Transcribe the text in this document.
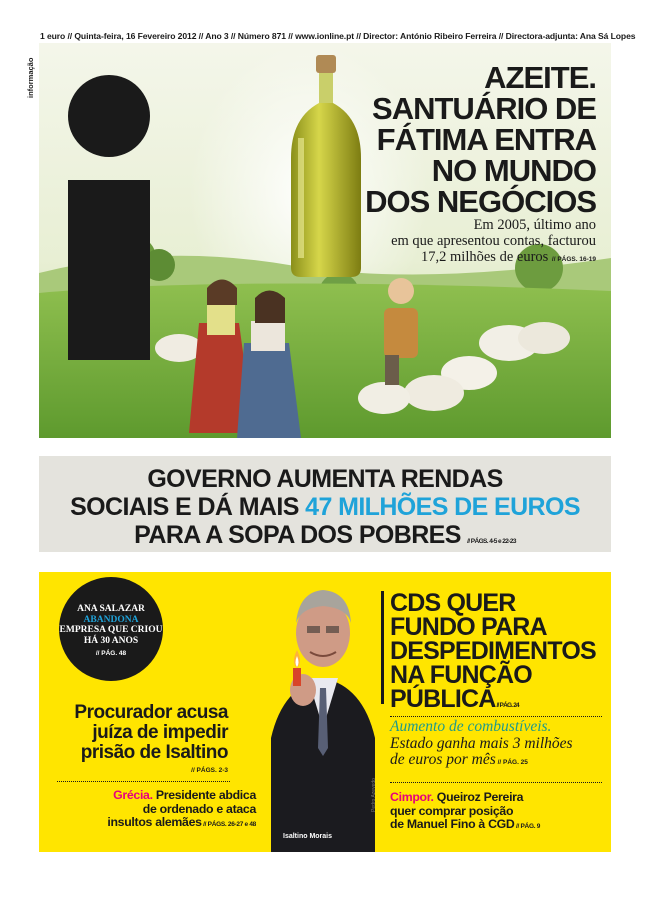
1 euro // Quinta-feira, 16 Fevereiro 2012 // Ano 3 // Número 871 // www.ionline.pt // Director: António Ribeiro Ferreira // Directora-adjunta: Ana Sá Lopes
informação	AZEITE.
SANTUÁRIO DE
FÁTIMA ENTRA
NO MUNDO
DOS NEGÓCIOS
Em 2005, último ano
em que apresentou contas, facturou
17,2 milhões de euros // PÁGS. 16-19
GOVERNO AUMENTA RENDAS
SOCIAIS E DÁ MAIS 47 MILHÕES DE EUROS
PARA A SOPA DOS POBRES // PÁGS. 4-5 e 22-23
ANA SALAZAR
ABANDONA
EMPRESA QUE CRIOU
HÁ 30 ANOS
// PÁG. 48
Isaltino Morais
Pedro Azevedo
Procurador acusa
juíza de impedir
prisão de Isaltino
// PÁGS. 2-3
Grécia. Presidente abdica
de ordenado e ataca
insultos alemães // PÁGS. 26-27 e 48
CDS QUER
FUNDO PARA
DESPEDIMENTOS
NA FUNÇÃO
PÚBLICA // PÁG. 24
Aumento de combustíveis.
Estado ganha mais 3 milhões
de euros por mês // PÁG. 25
Cimpor. Queiroz Pereira
quer comprar posição
de Manuel Fino à CGD // PÁG. 9
